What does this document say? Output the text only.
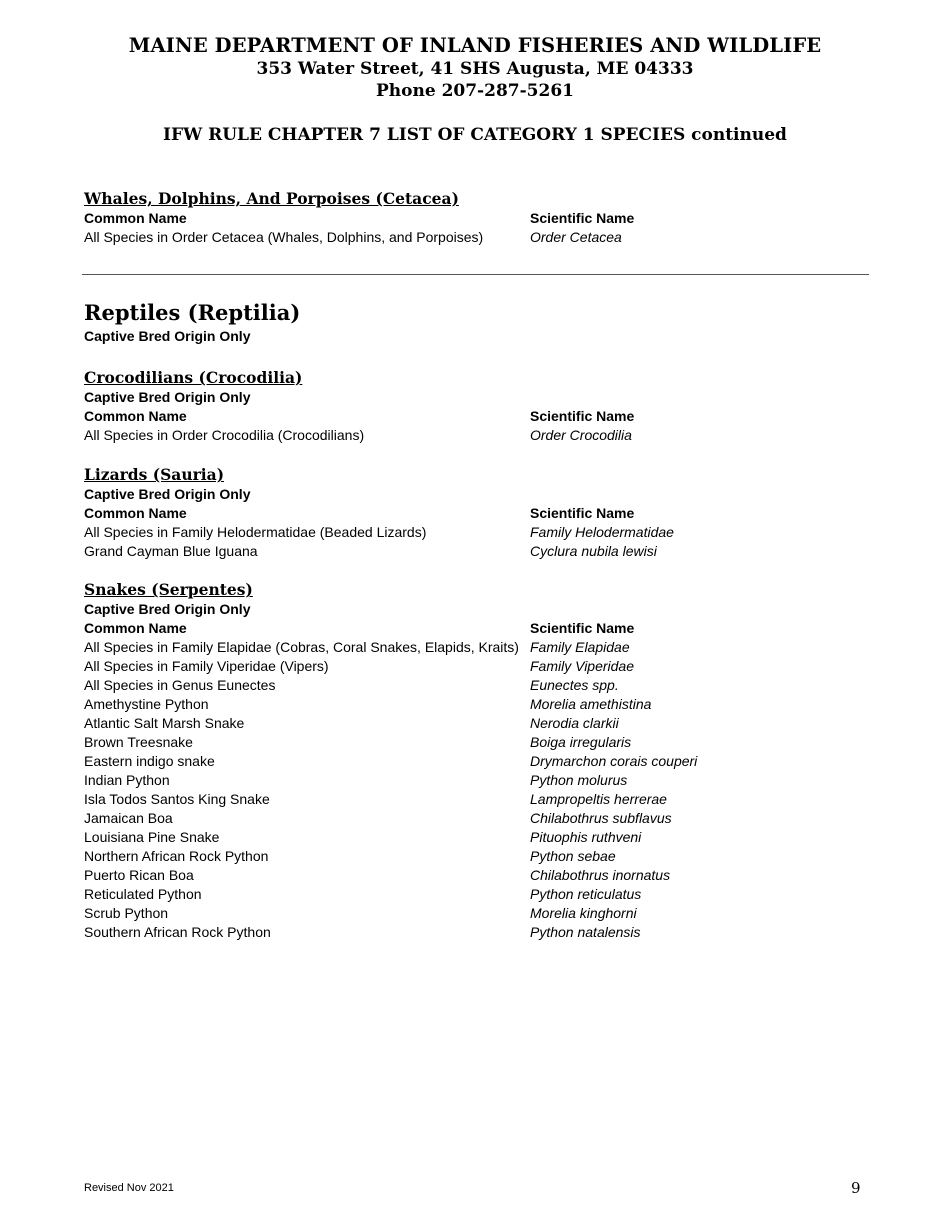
MAINE DEPARTMENT OF INLAND FISHERIES AND WILDLIFE
353 Water Street, 41 SHS Augusta, ME 04333
Phone 207-287-5261
IFW RULE CHAPTER 7 LIST OF CATEGORY 1 SPECIES continued
Whales, Dolphins, And Porpoises (Cetacea)
Common Name	Scientific Name
All Species in Order Cetacea (Whales, Dolphins, and Porpoises)	Order Cetacea
Reptiles (Reptilia)
Captive Bred Origin Only
Crocodilians (Crocodilia)
Captive Bred Origin Only
Common Name	Scientific Name
All Species in Order Crocodilia (Crocodilians)	Order Crocodilia
Lizards (Sauria)
Captive Bred Origin Only
Common Name	Scientific Name
All Species in Family Helodermatidae (Beaded Lizards)	Family Helodermatidae
Grand Cayman Blue Iguana	Cyclura nubila lewisi
Snakes (Serpentes)
Captive Bred Origin Only
Common Name	Scientific Name
All Species in Family Elapidae (Cobras, Coral Snakes, Elapids, Kraits) Family Elapidae
All Species in Family Viperidae (Vipers)	Family Viperidae
All Species in Genus Eunectes	Eunectes spp.
Amethystine Python	Morelia amethistina
Atlantic Salt Marsh Snake	Nerodia clarkii
Brown Treesnake	Boiga irregularis
Eastern indigo snake	Drymarchon corais couperi
Indian Python	Python molurus
Isla Todos Santos King Snake	Lampropeltis herrerae
Jamaican Boa	Chilabothrus subflavus
Louisiana Pine Snake	Pituophis ruthveni
Northern African Rock Python	Python sebae
Puerto Rican Boa	Chilabothrus inornatus
Reticulated Python	Python reticulatus
Scrub Python	Morelia kinghorni
Southern African Rock Python	Python natalensis
Revised Nov 2021	9
